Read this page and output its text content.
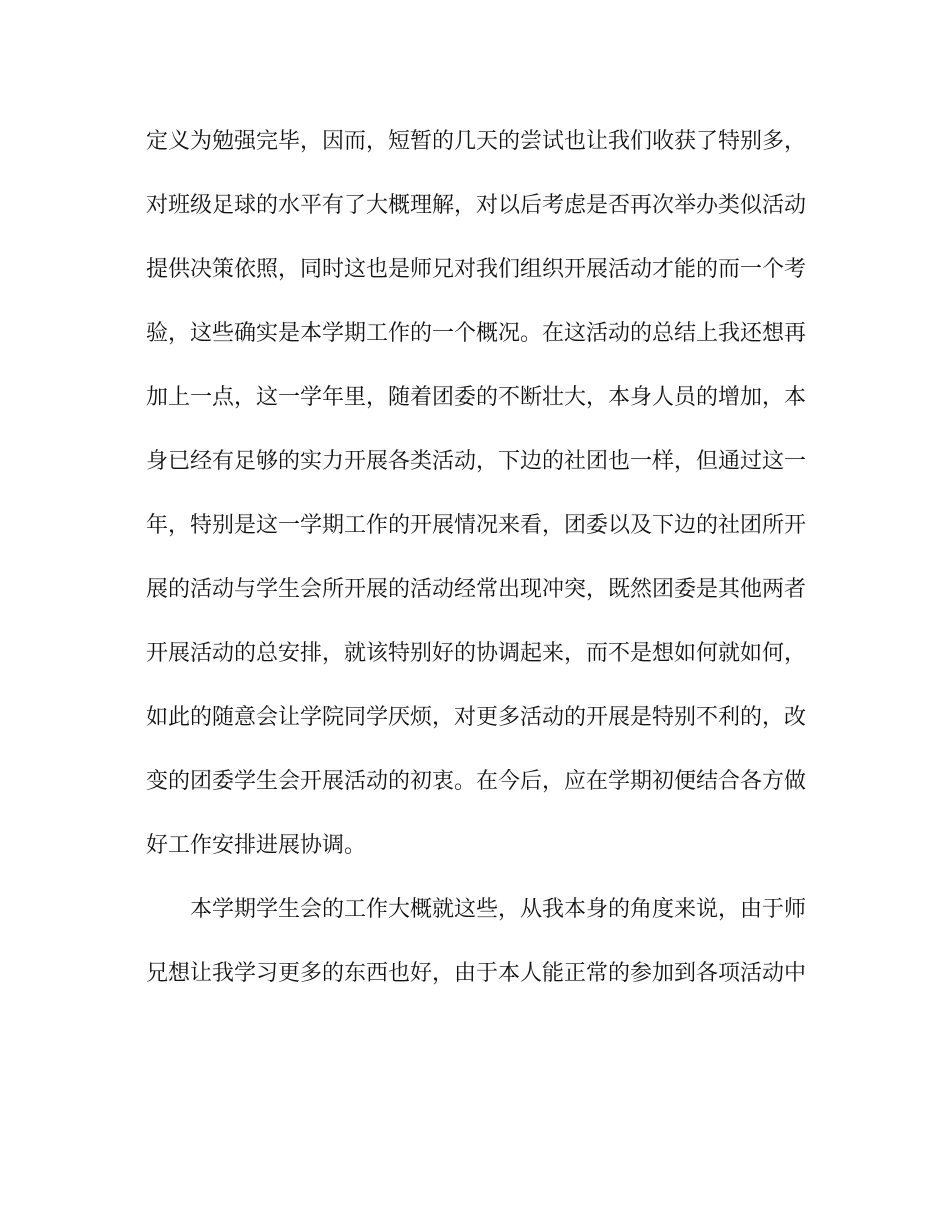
定义为勉强完毕，因而，短暂的几天的尝试也让我们收获了特别多，
对班级足球的水平有了大概理解，对以后考虑是否再次举办类似活动
提供决策依照，同时这也是师兄对我们组织开展活动才能的而一个考
验，这些确实是本学期工作的一个概况。在这活动的总结上我还想再
加上一点，这一学年里，随着团委的不断壮大，本身人员的增加，本
身已经有足够的实力开展各类活动，下边的社团也一样，但通过这一
年，特别是这一学期工作的开展情况来看，团委以及下边的社团所开
展的活动与学生会所开展的活动经常出现冲突，既然团委是其他两者
开展活动的总安排，就该特别好的协调起来，而不是想如何就如何，
如此的随意会让学院同学厌烦，对更多活动的开展是特别不利的，改
变的团委学生会开展活动的初衷。在今后，应在学期初便结合各方做
好工作安排进展协调。
本学期学生会的工作大概就这些，从我本身的角度来说，由于师
兄想让我学习更多的东西也好，由于本人能正常的参加到各项活动中
